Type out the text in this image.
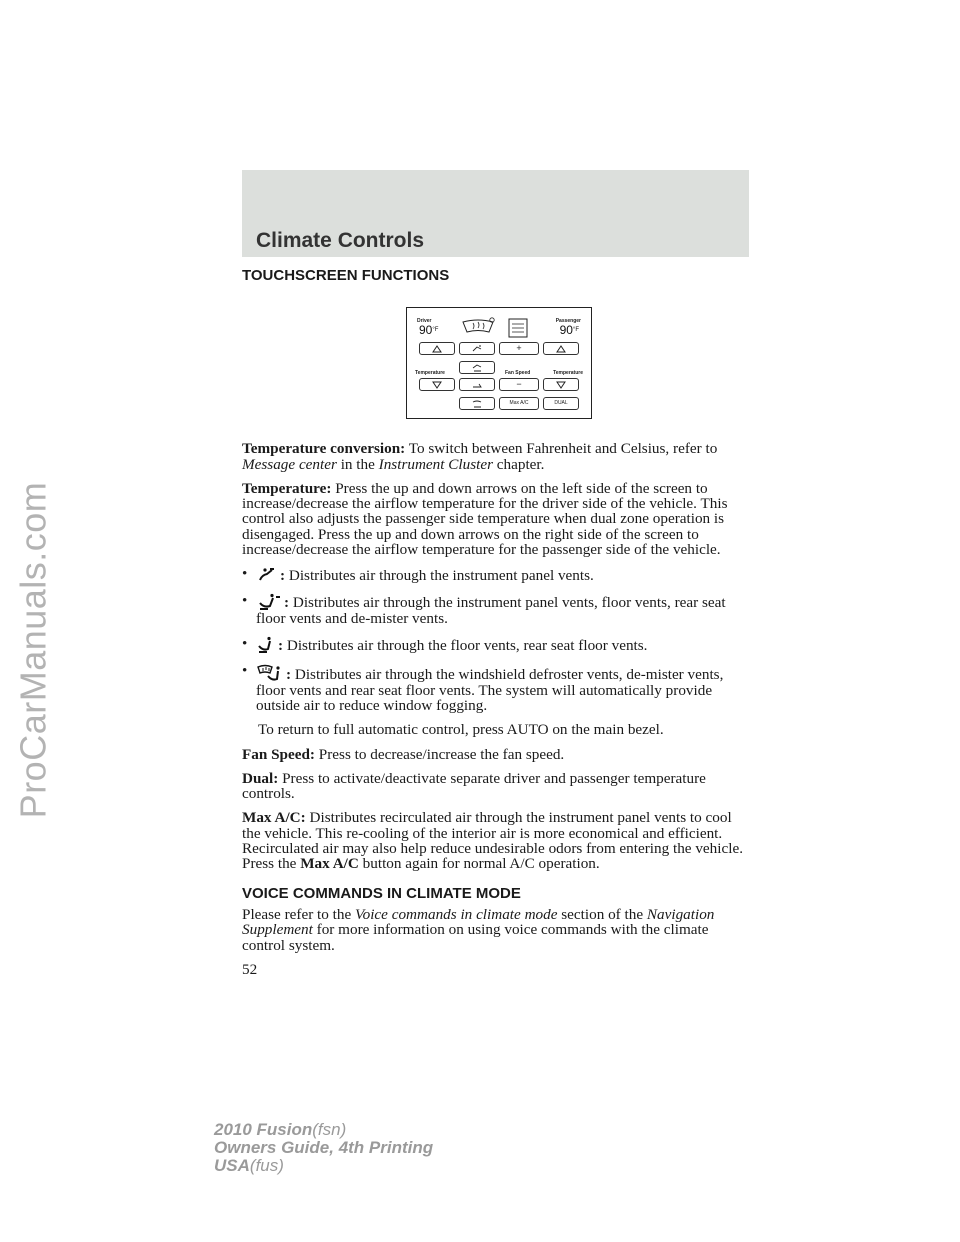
ProCarManuals.com
Climate Controls
TOUCHSCREEN FUNCTIONS
Driver	Passenger
$90^{^\circ F}$	$90^{^\circ F}$
+
Temperature	Fan Speed	Temperature
−
Max A/C	DUAL

Temperature conversion: To switch between Fahrenheit and Celsius, refer to Message center in the Instrument Cluster chapter.

Temperature: Press the up and down arrows on the left side of the screen to increase/decrease the airflow temperature for the driver side of the vehicle. This control also adjusts the passenger side temperature when dual zone operation is disengaged. Press the up and down arrows on the right side of the screen to increase/decrease the airflow temperature for the passenger side of the vehicle.

•	: Distributes air through the instrument panel vents.
•	: Distributes air through the instrument panel vents, floor vents, rear seat floor vents and de-mister vents.
•	: Distributes air through the floor vents, rear seat floor vents.
•	: Distributes air through the windshield defroster vents, de-mister vents, floor vents and rear seat floor vents. The system will automatically provide outside air to reduce window fogging.

To return to full automatic control, press AUTO on the main bezel.

Fan Speed: Press to decrease/increase the fan speed.

Dual: Press to activate/deactivate separate driver and passenger temperature controls.

Max A/C: Distributes recirculated air through the instrument panel vents to cool the vehicle. This re-cooling of the interior air is more economical and efficient. Recirculated air may also help reduce undesirable odors from entering the vehicle. Press the Max A/C button again for normal A/C operation.

VOICE COMMANDS IN CLIMATE MODE

Please refer to the Voice commands in climate mode section of the Navigation Supplement for more information on using voice commands with the climate control system.

52
2010 Fusion(fsn)
Owners Guide, 4th Printing
USA(fus)
